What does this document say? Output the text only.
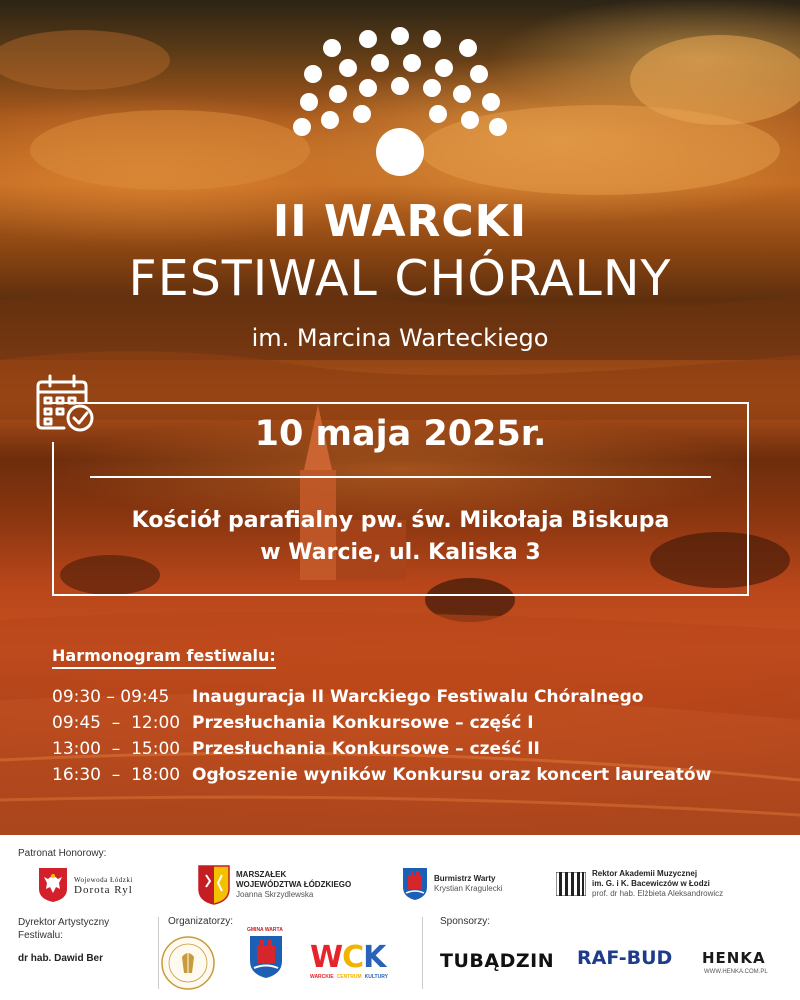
II WARCKI
FESTIWAL CHÓRALNY
im. Marcina Warteckiego
10 maja 2025r.
Kościół parafialny pw. św. Mikołaja Biskupa
w Warcie, ul. Kaliska 3
Harmonogram festiwalu:
09:30 – 09:45	Inauguracja II Warckiego Festiwalu Chóralnego
09:45  –  12:00 Przesłuchania Konkursowe – część I
13:00  –  15:00 Przesłuchania Konkursowe – cześć II
16:30  –  18:00 Ogłoszenie wyników Konkursu oraz koncert laureatów
Patronat Honorowy:
Wojewoda Łódzki
Dorota Ryl
MARSZAŁEK
WOJEWÓDZTWA ŁÓDZKIEGO
Joanna Skrzydlewska
Burmistrz Warty
Krystian Kragulecki
Rektor Akademii Muzycznej
im. G. i K. Bacewiczów w Łodzi
prof. dr hab. Elżbieta Aleksandrowicz
Dyrektor Artystyczny Festiwalu:
dr hab. Dawid Ber
Organizatorzy:
GMINA WARTA
WCK
WARCKIE CENTRUM KULTURY
Sponsorzy:
TUBĄDZIN RAF-BUD HENKA
WWW.HENKA.COM.PL
